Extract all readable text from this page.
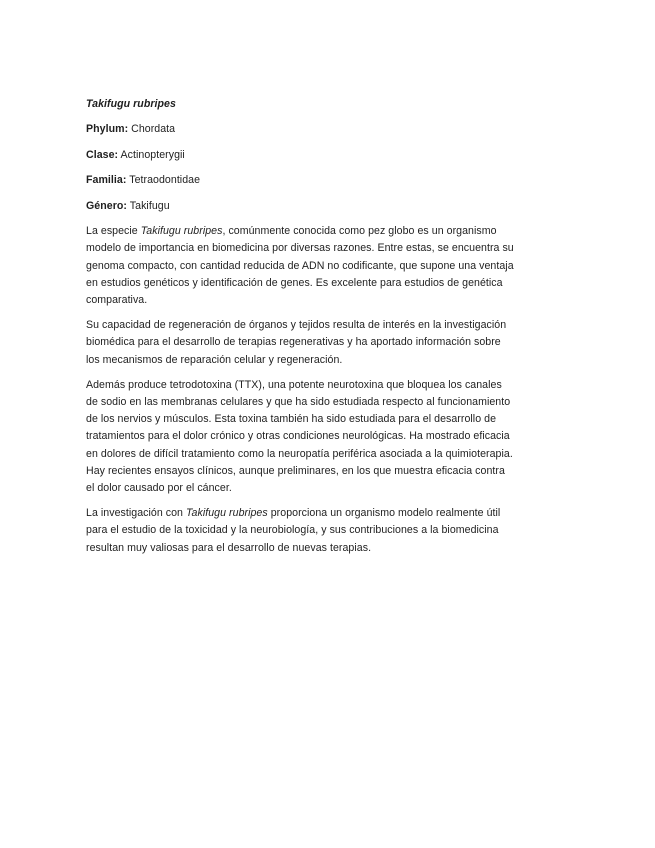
Takifugu rubripes

Phylum: Chordata

Clase: Actinopterygii

Familia: Tetraodontidae

Género: Takifugu

La especie Takifugu rubripes, comúnmente conocida como pez globo es un organismo modelo de importancia en biomedicina por diversas razones. Entre estas, se encuentra su genoma compacto, con cantidad reducida de ADN no codificante, que supone una ventaja en estudios genéticos y identificación de genes. Es excelente para estudios de genética comparativa.

Su capacidad de regeneración de órganos y tejidos resulta de interés en la investigación biomédica para el desarrollo de terapias regenerativas y ha aportado información sobre los mecanismos de reparación celular y regeneración.

Además produce tetrodotoxina (TTX), una potente neurotoxina que bloquea los canales de sodio en las membranas celulares y que ha sido estudiada respecto al funcionamiento de los nervios y músculos. Esta toxina también ha sido estudiada para el desarrollo de tratamientos para el dolor crónico y otras condiciones neurológicas. Ha mostrado eficacia en dolores de difícil tratamiento como la neuropatía periférica asociada a la quimioterapia. Hay recientes ensayos clínicos, aunque preliminares, en los que muestra eficacia contra el dolor causado por el cáncer.

La investigación con Takifugu rubripes proporciona un organismo modelo realmente útil para el estudio de la toxicidad y la neurobiología, y sus contribuciones a la biomedicina resultan muy valiosas para el desarrollo de nuevas terapias.
